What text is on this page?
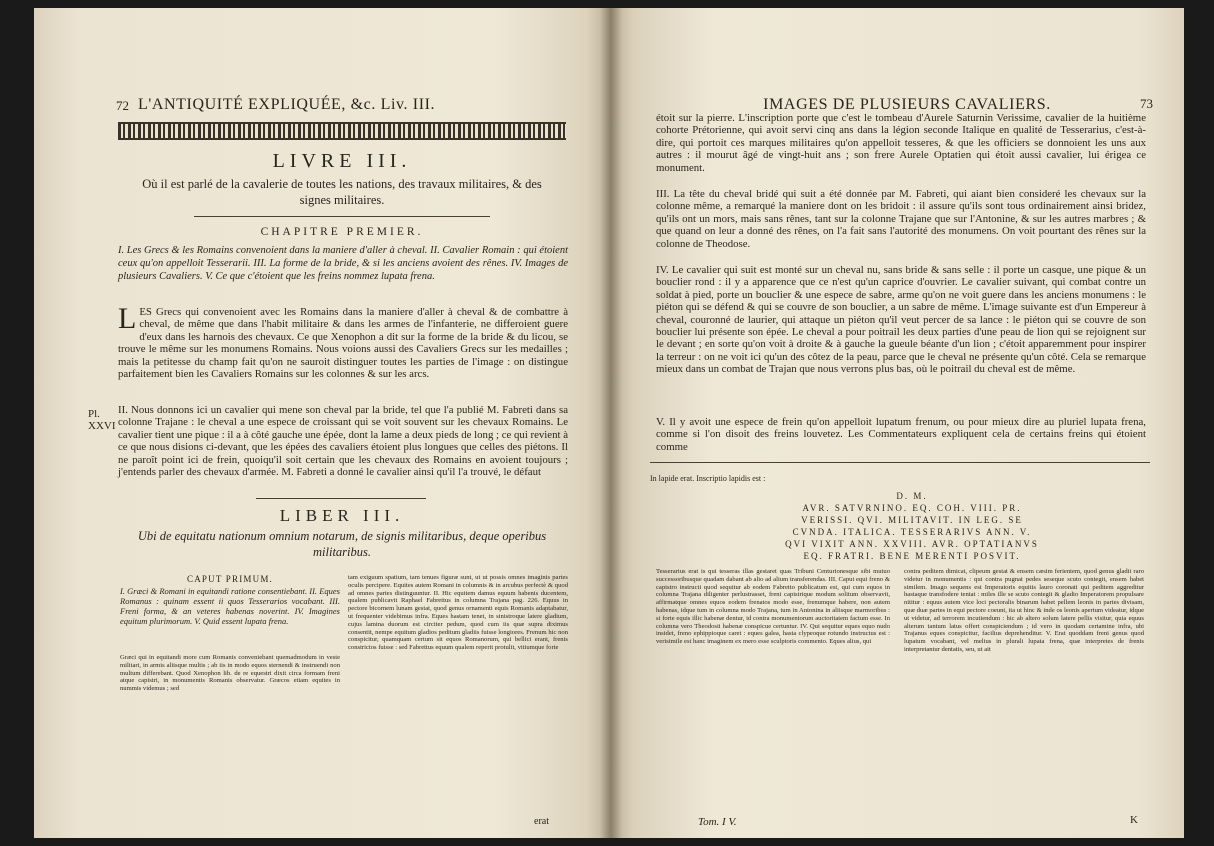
72 L'ANTIQUITÉ EXPLIQUÉE, &c. Liv. III.
LIVRE III.
Où il est parlé de la cavalerie de toutes les nations, des travaux militaires, & des signes militaires.
CHAPITRE PREMIER.
I. Les Grecs & les Romains convenoient dans la maniere d'aller à cheval. II. Cavalier Romain : qui étoient ceux qu'on appelloit Tesserarii. III. La forme de la bride, & si les anciens avoient des rênes. IV. Images de plusieurs Cavaliers. V. Ce que c'étoient que les freins nommez lupata frena.
L ES Grecs qui convenoient avec les Romains dans la maniere d'aller à cheval & de combattre à cheval, de même que dans l'habit militaire & dans les armes de l'infanterie, ne differoient guere d'eux dans les harnois des chevaux. Ce que Xenophon a dit sur la forme de la bride & du licou, se trouve le même sur les monumens Romains. Nous voions aussi des Cavaliers Grecs sur les medailles ; mais la petitesse du champ fait qu'on ne sauroit distinguer toutes les parties de l'image : on distingue parfaitement bien les Cavaliers Romains sur les colonnes & sur les arcs.
II. Nous donnons ici un cavalier qui mene son cheval par la bride, tel que l'a publié M. Fabreti dans sa colonne Trajane : le cheval a une espece de croissant qui se voit souvent sur les chevaux Romains. Le cavalier tient une pique : il a à côté gauche une épée, dont la lame a deux pieds de long ; ce qui revient à ce que nous disions ci-devant, que les épées des cavaliers étoient plus longues que celles des piétons. Il ne paroît point ici de frein, quoiqu'il soit certain que les chevaux des Romains en avoient toujours ; j'entends parler des chevaux d'armée. M. Fabreti a donné le cavalier ainsi qu'il l'a trouvé, le défaut
Pl. XXVI
LIBER III.
Ubi de equitatu nationum omnium notarum, de signis militaribus, deque operibus militaribus.
CAPUT PRIMUM.
I. Græci & Romani in equitandi ratione consentiebant. II. Eques Romanus : quinam essent ii quos Tesserarios vocabant. III. Freni forma, & an veteres habenas noverint. IV. Imagines equitum plurimorum. V. Quid essent lupata frena.
Græci qui in equitandi more cum Romanis conveniebant quemadmodum in veste militari, in armis aliisque multis ; ab iis in modo equos sternendi & instruendi non multum differebant. Quod Xenophon lib. de re equestri dixit circa formam freni atque capistri, in monumentis Romanis observatur. Græcos etiam equites in nummis videmus ; sed
tam exiguum spatium, tam tenues figuræ sunt, ut ut possis omnes imaginis partes oculis percipere. Equites autem Romani in columnis & in arcubus perfectè & quod ad omnes partes distinguuntur. II. Hic equitem damus equum habenis ducentem, qualem publicavit Raphael Fabrettus in columna Trajana pag. 226. Equus in pectore bicornem lunam gestat, quod genus ornamenti equis Romanis adaptabatur, ut frequenter videbimus infra. Eques hastam tenet, in sinistroque latere gladium, cujus lamina duorum est circiter pedum, quod cum iis quæ supra diximus consentit, nempe equitum gladios peditum gladiis fuisse longiores. Frenum hic non conspicitur, quamquam certum sit equos Romanorum, qui bellici erant, frenis constrictos fuisse : sed Fabrettus equum qualem reperit protulit, vitiumque forte
erat
IMAGES DE PLUSIEURS CAVALIERS.	73
étoit sur la pierre. L'inscription porte que c'est le tombeau d'Aurele Saturnin Verissime, cavalier de la huitième cohorte Prétorienne, qui avoit servi cinq ans dans la légion seconde Italique en qualité de Tesserarius, c'est-à-dire, qui portoit ces marques militaires qu'on appelloit tesseres, & que les officiers se donnoient les uns aux autres : il mourut âgé de vingt-huit ans ; son frere Aurele Optatien qui étoit aussi cavalier, lui érigea ce monument.
III. La tête du cheval bridé qui suit a été donnée par M. Fabreti, qui aiant bien consideré les chevaux sur la colonne même, a remarqué la maniere dont on les bridoit : il assure qu'ils sont tous ordinairement ainsi bridez, qu'ils ont un mors, mais sans rênes, tant sur la colonne Trajane que sur l'Antonine, & sur les autres marbres ; & que quand on leur a donné des rênes, on l'a fait sans l'autorité des monumens. On voit pourtant des rênes sur la colonne de Theodose.
IV. Le cavalier qui suit est monté sur un cheval nu, sans bride & sans selle : il porte un casque, une pique & un bouclier rond : il y a apparence que ce n'est qu'un caprice d'ouvrier. Le cavalier suivant, qui combat contre un soldat à pied, porte un bouclier & une espece de sabre, arme qu'on ne voit guere dans les anciens monumens : le piéton qui se défend & qui se couvre de son bouclier, a un sabre de même. L'image suivante est d'un Empereur à cheval, couronné de laurier, qui attaque un piéton qu'il veut percer de sa lance : le piéton qui se couvre de son bouclier lui présente son épée. Le cheval a pour poitrail les deux parties d'une peau de lion qui se rejoignent sur le devant ; en sorte qu'on voit à droite & à gauche la gueule béante d'un lion ; c'étoit apparemment pour inspirer la terreur : on ne voit ici qu'un des côtez de la peau, parce que le cheval ne présente qu'un côté. Cela se remarque mieux dans un combat de Trajan que nous verrons plus bas, où le poitrail du cheval est de même.
V. Il y avoit une espece de frein qu'on appelloit lupatum frenum, ou pour mieux dire au pluriel lupata frena, comme si l'on disoit des freins louvetez. Les Commentateurs expliquent cela de certains freins qui étoient comme
In lapide erat. Inscriptio lapidis est :
D. M.
AVR. SATVRNINO. EQ. COH. VIII. PR.
VERISSI. QVI. MILITAVIT. IN LEG. SE
CVNDA. ITALICA. TESSERARIVS ANN. V.
QVI VIXIT ANN. XXVIII. AVR. OPTATIANVS
EQ. FRATRI. BENE MERENTI POSVIT.
Tesserarius erat is qui tesseras illas gestaret quas Tribuni Centurionesque sibi mutuo successoribusque quadam dabant ab alio ad alium transferendas. III. Caput equi freno & capistro instructi quod sequitur ab eodem Fabretto publicatum est, qui cum equos in columna Trajana diligenter perlustrasset, freni capistrique modum solitum observavit, affirmatque omnes equos eodem frenatos modo esse, frenumque habere, non autem habenas, idque tum in columna modo Trajana, tum in Antonina in aliisque marmoribus : si forte equis illic habenæ dentur, id contra monumentorum auctoritatem factum esse. In columna vero Theodosii habenæ conspicue certuntur. IV. Qui sequitur eques equo nudo insidet, freno ephippioque caret : eques galea, hasta clypeoque rotundo instructus est : verisimile est hanc imaginem ex mero esse sculptoris commento. Eques alius, qui
contra peditem dimicat, clipeum gestat & ensem cæsim ferientem, quod genus gladii raro videtur in monumentis : qui contra pugnat pedes seseque scuto contegit, ensem habet similem. Imago sequens est Imperatoris equitis lauro coronati qui peditem aggreditur hastaque transfodere tentat : miles ille se scuto contegit & gladio Imperatorem propulsare nititur : equus autem vice loci pectoralis binarum habet pellem leonis in partes divisam, quæ duæ partes in equi pectore coeunt, ita ut hinc & inde os leonis apertum videatur, idque ut videtur, ad terrorem incutiendum : hic ab altero solum latere pellis visitur, quia equus alterum tantum latus offert conspiciendum ; id vero in quodam certamine infra, ubi Trajanus eques conspicitur, facilius deprehenditur. V. Erat quoddam freni genus quod lupatum vocabant, vel melius in plurali lupata frena, quæ interpretes de frenis interpretantur dentatis, seu, ut ait
Tom. I V.	K
